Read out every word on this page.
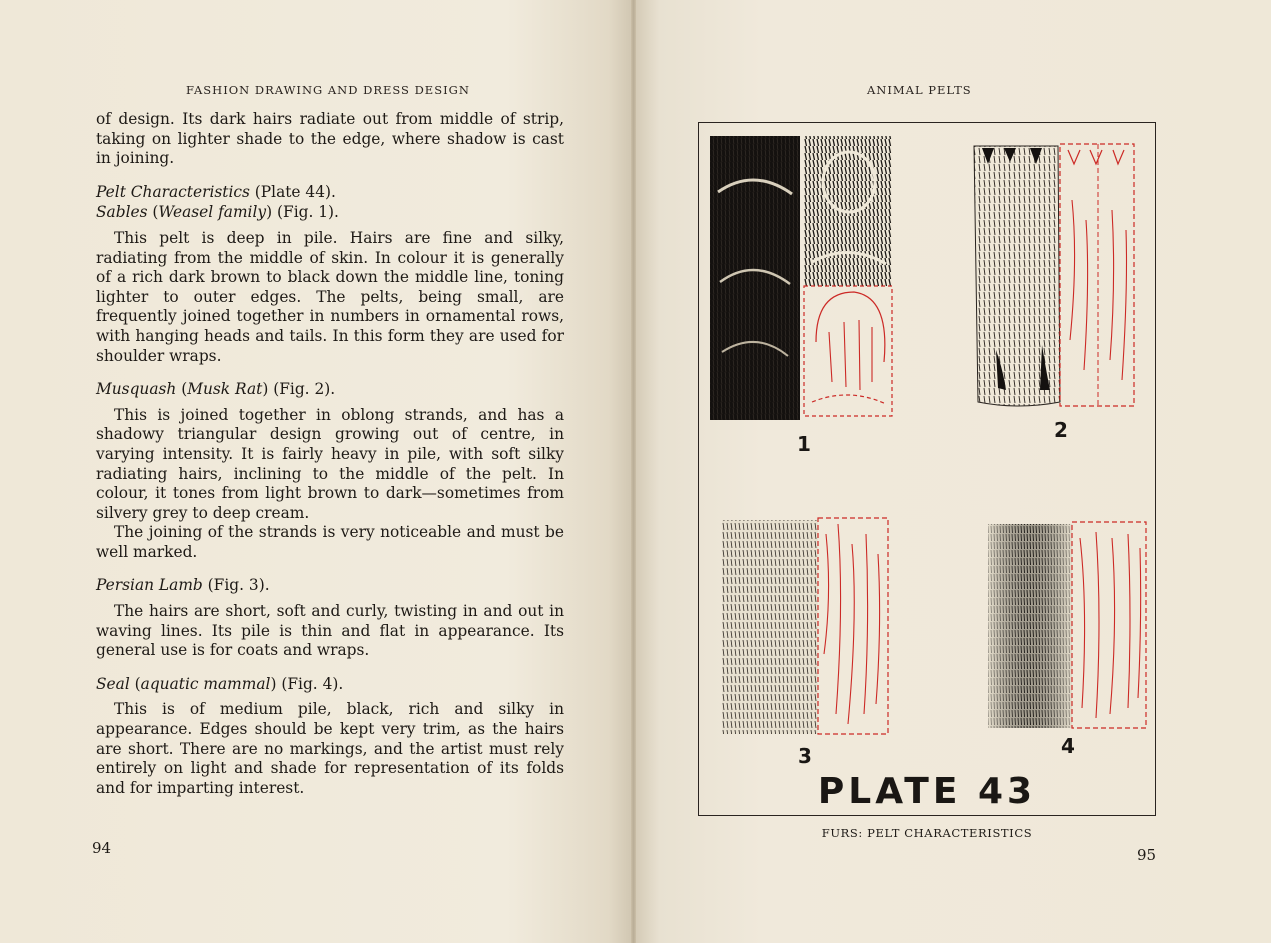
FASHION DRAWING AND DRESS DESIGN

of design. Its dark hairs radiate out from middle of strip, taking on lighter shade to the edge, where shadow is cast in joining.

Pelt Characteristics (Plate 44).

Sables (Weasel family) (Fig. 1).

This pelt is deep in pile. Hairs are fine and silky, radiating from the middle of skin. In colour it is generally of a rich dark brown to black down the middle line, toning lighter to outer edges. The pelts, being small, are frequently joined together in numbers in ornamental rows, with hanging heads and tails. In this form they are used for shoulder wraps.

Musquash (Musk Rat) (Fig. 2).

This is joined together in oblong strands, and has a shadowy triangular design growing out of centre, in varying intensity. It is fairly heavy in pile, with soft silky radiating hairs, inclining to the middle of the pelt. In colour, it tones from light brown to dark—sometimes from silvery grey to deep cream.

The joining of the strands is very noticeable and must be well marked.

Persian Lamb (Fig. 3).

The hairs are short, soft and curly, twisting in and out in waving lines. Its pile is thin and flat in appearance. Its general use is for coats and wraps.

Seal (aquatic mammal) (Fig. 4).

This is of medium pile, black, rich and silky in appearance. Edges should be kept very trim, as the hairs are short. There are no markings, and the artist must rely entirely on light and shade for representation of its folds and for imparting interest.

94
ANIMAL PELTS
PLATE 43
1
2
3	4
FURS: PELT CHARACTERISTICS
95
